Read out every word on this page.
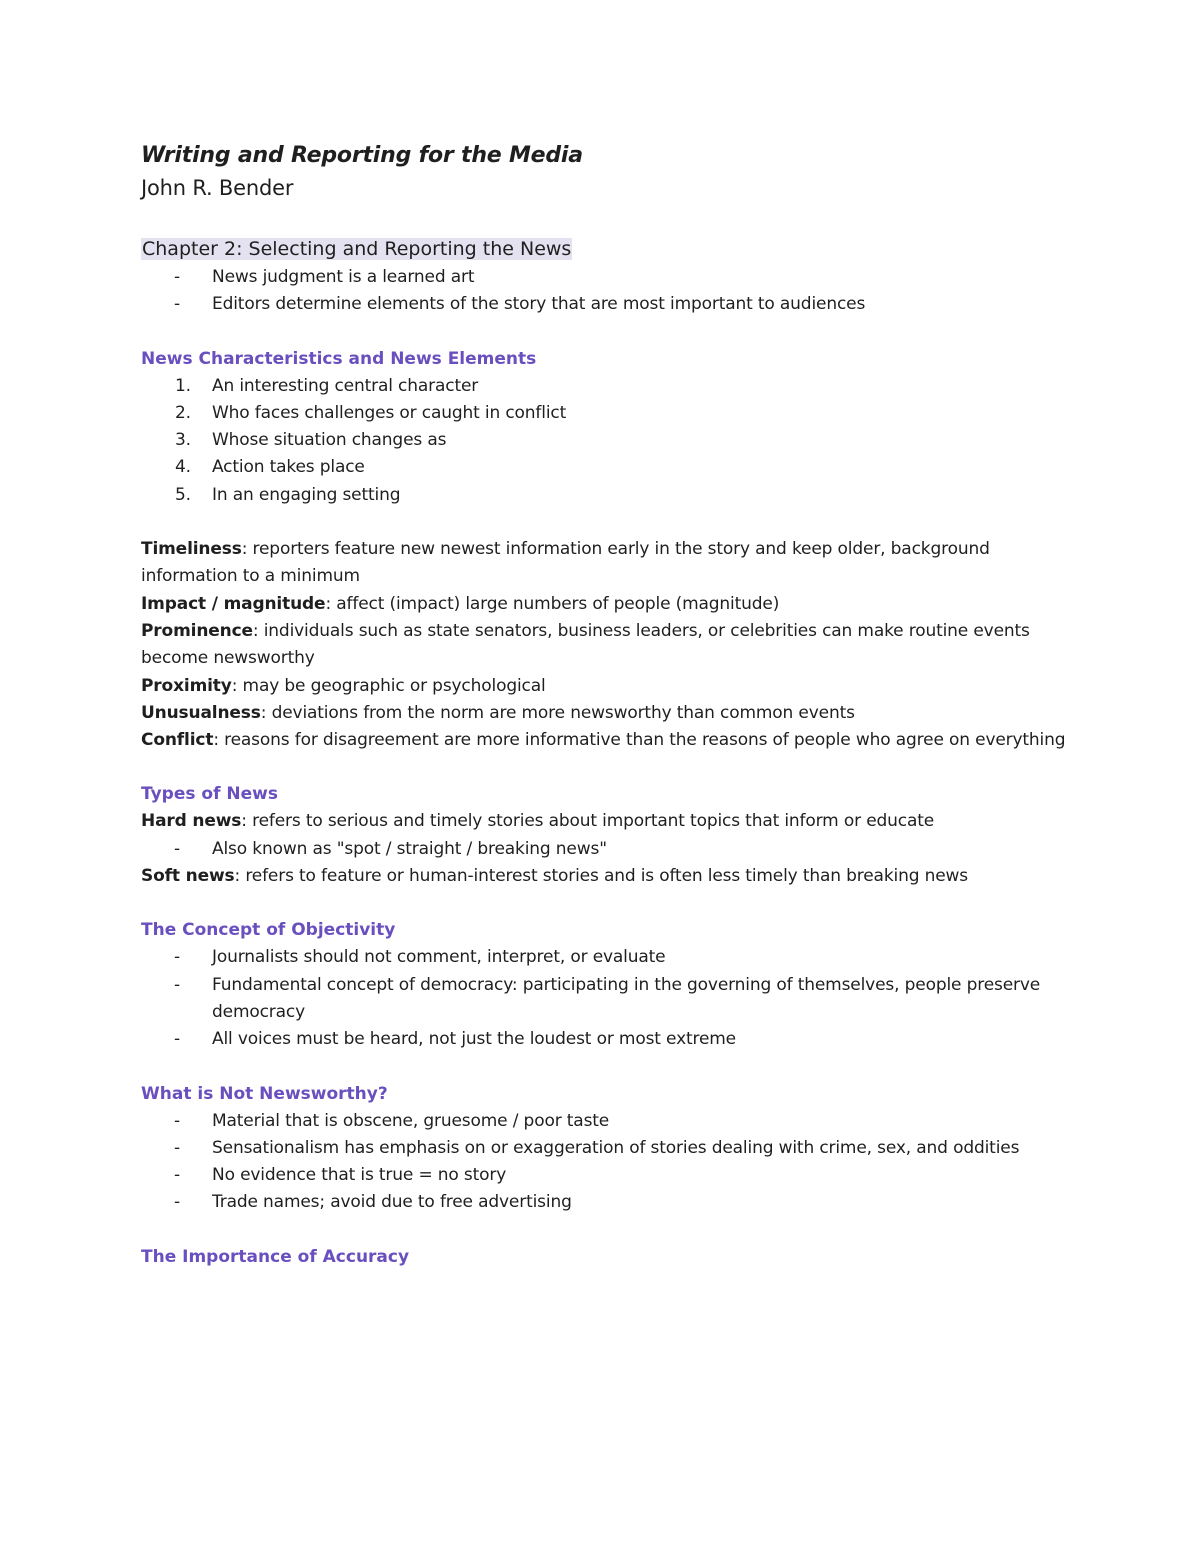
Writing and Reporting for the Media

John R. Bender

Chapter 2: Selecting and Reporting the News
- News judgment is a learned art
- Editors determine elements of the story that are most important to audiences

News Characteristics and News Elements

1. An interesting central character
2. Who faces challenges or caught in conflict
3. Whose situation changes as
4. Action takes place
5. In an engaging setting

Timeliness: reporters feature new newest information early in the story and keep older, background information to a minimum

Impact / magnitude: affect (impact) large numbers of people (magnitude)

Prominence: individuals such as state senators, business leaders, or celebrities can make routine events become newsworthy

Proximity: may be geographic or psychological

Unusualness: deviations from the norm are more newsworthy than common events

Conflict: reasons for disagreement are more informative than the reasons of people who agree on everything

Types of News

Hard news: refers to serious and timely stories about important topics that inform or educate

- Also known as "spot / straight / breaking news"

Soft news: refers to feature or human-interest stories and is often less timely than breaking news

The Concept of Objectivity

- Journalists should not comment, interpret, or evaluate
- Fundamental concept of democracy: participating in the governing of themselves, people preserve democracy
- All voices must be heard, not just the loudest or most extreme

What is Not Newsworthy?

- Material that is obscene, gruesome / poor taste
- Sensationalism has emphasis on or exaggeration of stories dealing with crime, sex, and oddities
- No evidence that is true = no story
- Trade names; avoid due to free advertising

The Importance of Accuracy
